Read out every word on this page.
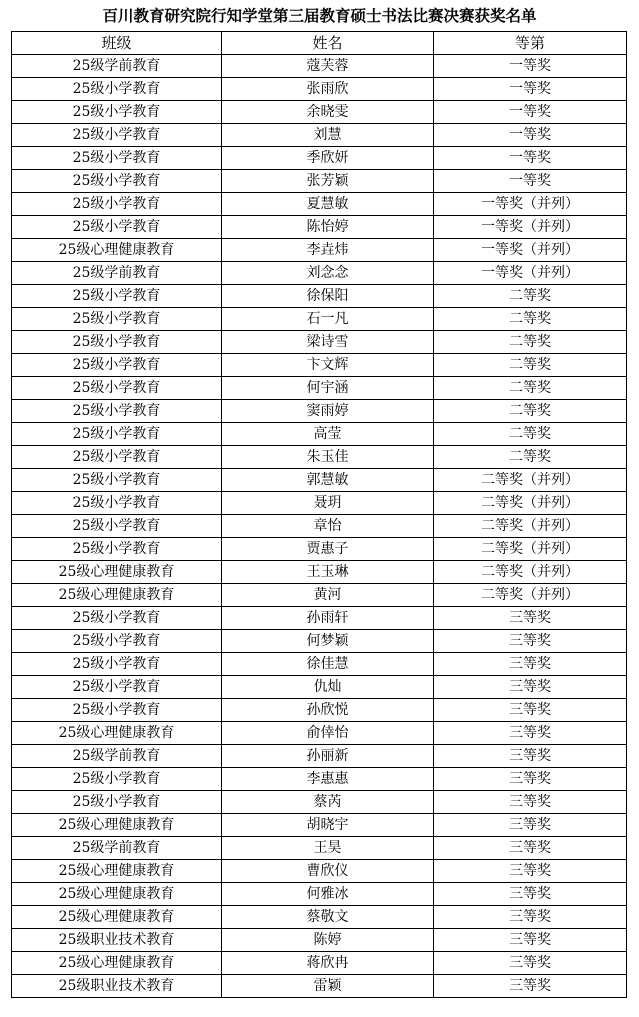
百川教育研究院行知学堂第三届教育硕士书法比赛决赛获奖名单
班级	姓名	等第
25级学前教育	蔻芙蓉	一等奖
25级小学教育	张雨欣	一等奖
25级小学教育	余晓雯	一等奖
25级小学教育	刘慧	一等奖
25级小学教育	季欣妍	一等奖
25级小学教育	张芳颖	一等奖
25级小学教育	夏慧敏	一等奖（并列）
25级小学教育	陈怡婷	一等奖（并列）
25级心理健康教育	李垚炜	一等奖（并列）
25级学前教育	刘念念	一等奖（并列）
25级小学教育	徐保阳	二等奖
25级小学教育	石一凡	二等奖
25级小学教育	梁诗雪	二等奖
25级小学教育	卞文辉	二等奖
25级小学教育	何宇涵	二等奖
25级小学教育	窦雨婷	二等奖
25级小学教育	高莹	二等奖
25级小学教育	朱玉佳	二等奖
25级小学教育	郭慧敏	二等奖（并列）
25级小学教育	聂玥	二等奖（并列）
25级小学教育	章怡	二等奖（并列）
25级小学教育	贾惠子	二等奖（并列）
25级心理健康教育	王玉琳	二等奖（并列）
25级心理健康教育	黄河	二等奖（并列）
25级小学教育	孙雨轩	三等奖
25级小学教育	何梦颖	三等奖
25级小学教育	徐佳慧	三等奖
25级小学教育	仇灿	三等奖
25级小学教育	孙欣悦	三等奖
25级心理健康教育	俞倖怡	三等奖
25级学前教育	孙丽新	三等奖
25级小学教育	李惠惠	三等奖
25级小学教育	蔡芮	三等奖
25级心理健康教育	胡晓宇	三等奖
25级学前教育	王昊	三等奖
25级心理健康教育	曹欣仪	三等奖
25级心理健康教育	何雅冰	三等奖
25级心理健康教育	蔡敬文	三等奖
25级职业技术教育	陈婷	三等奖
25级心理健康教育	蒋欣冉	三等奖
25级职业技术教育	雷颖	三等奖
